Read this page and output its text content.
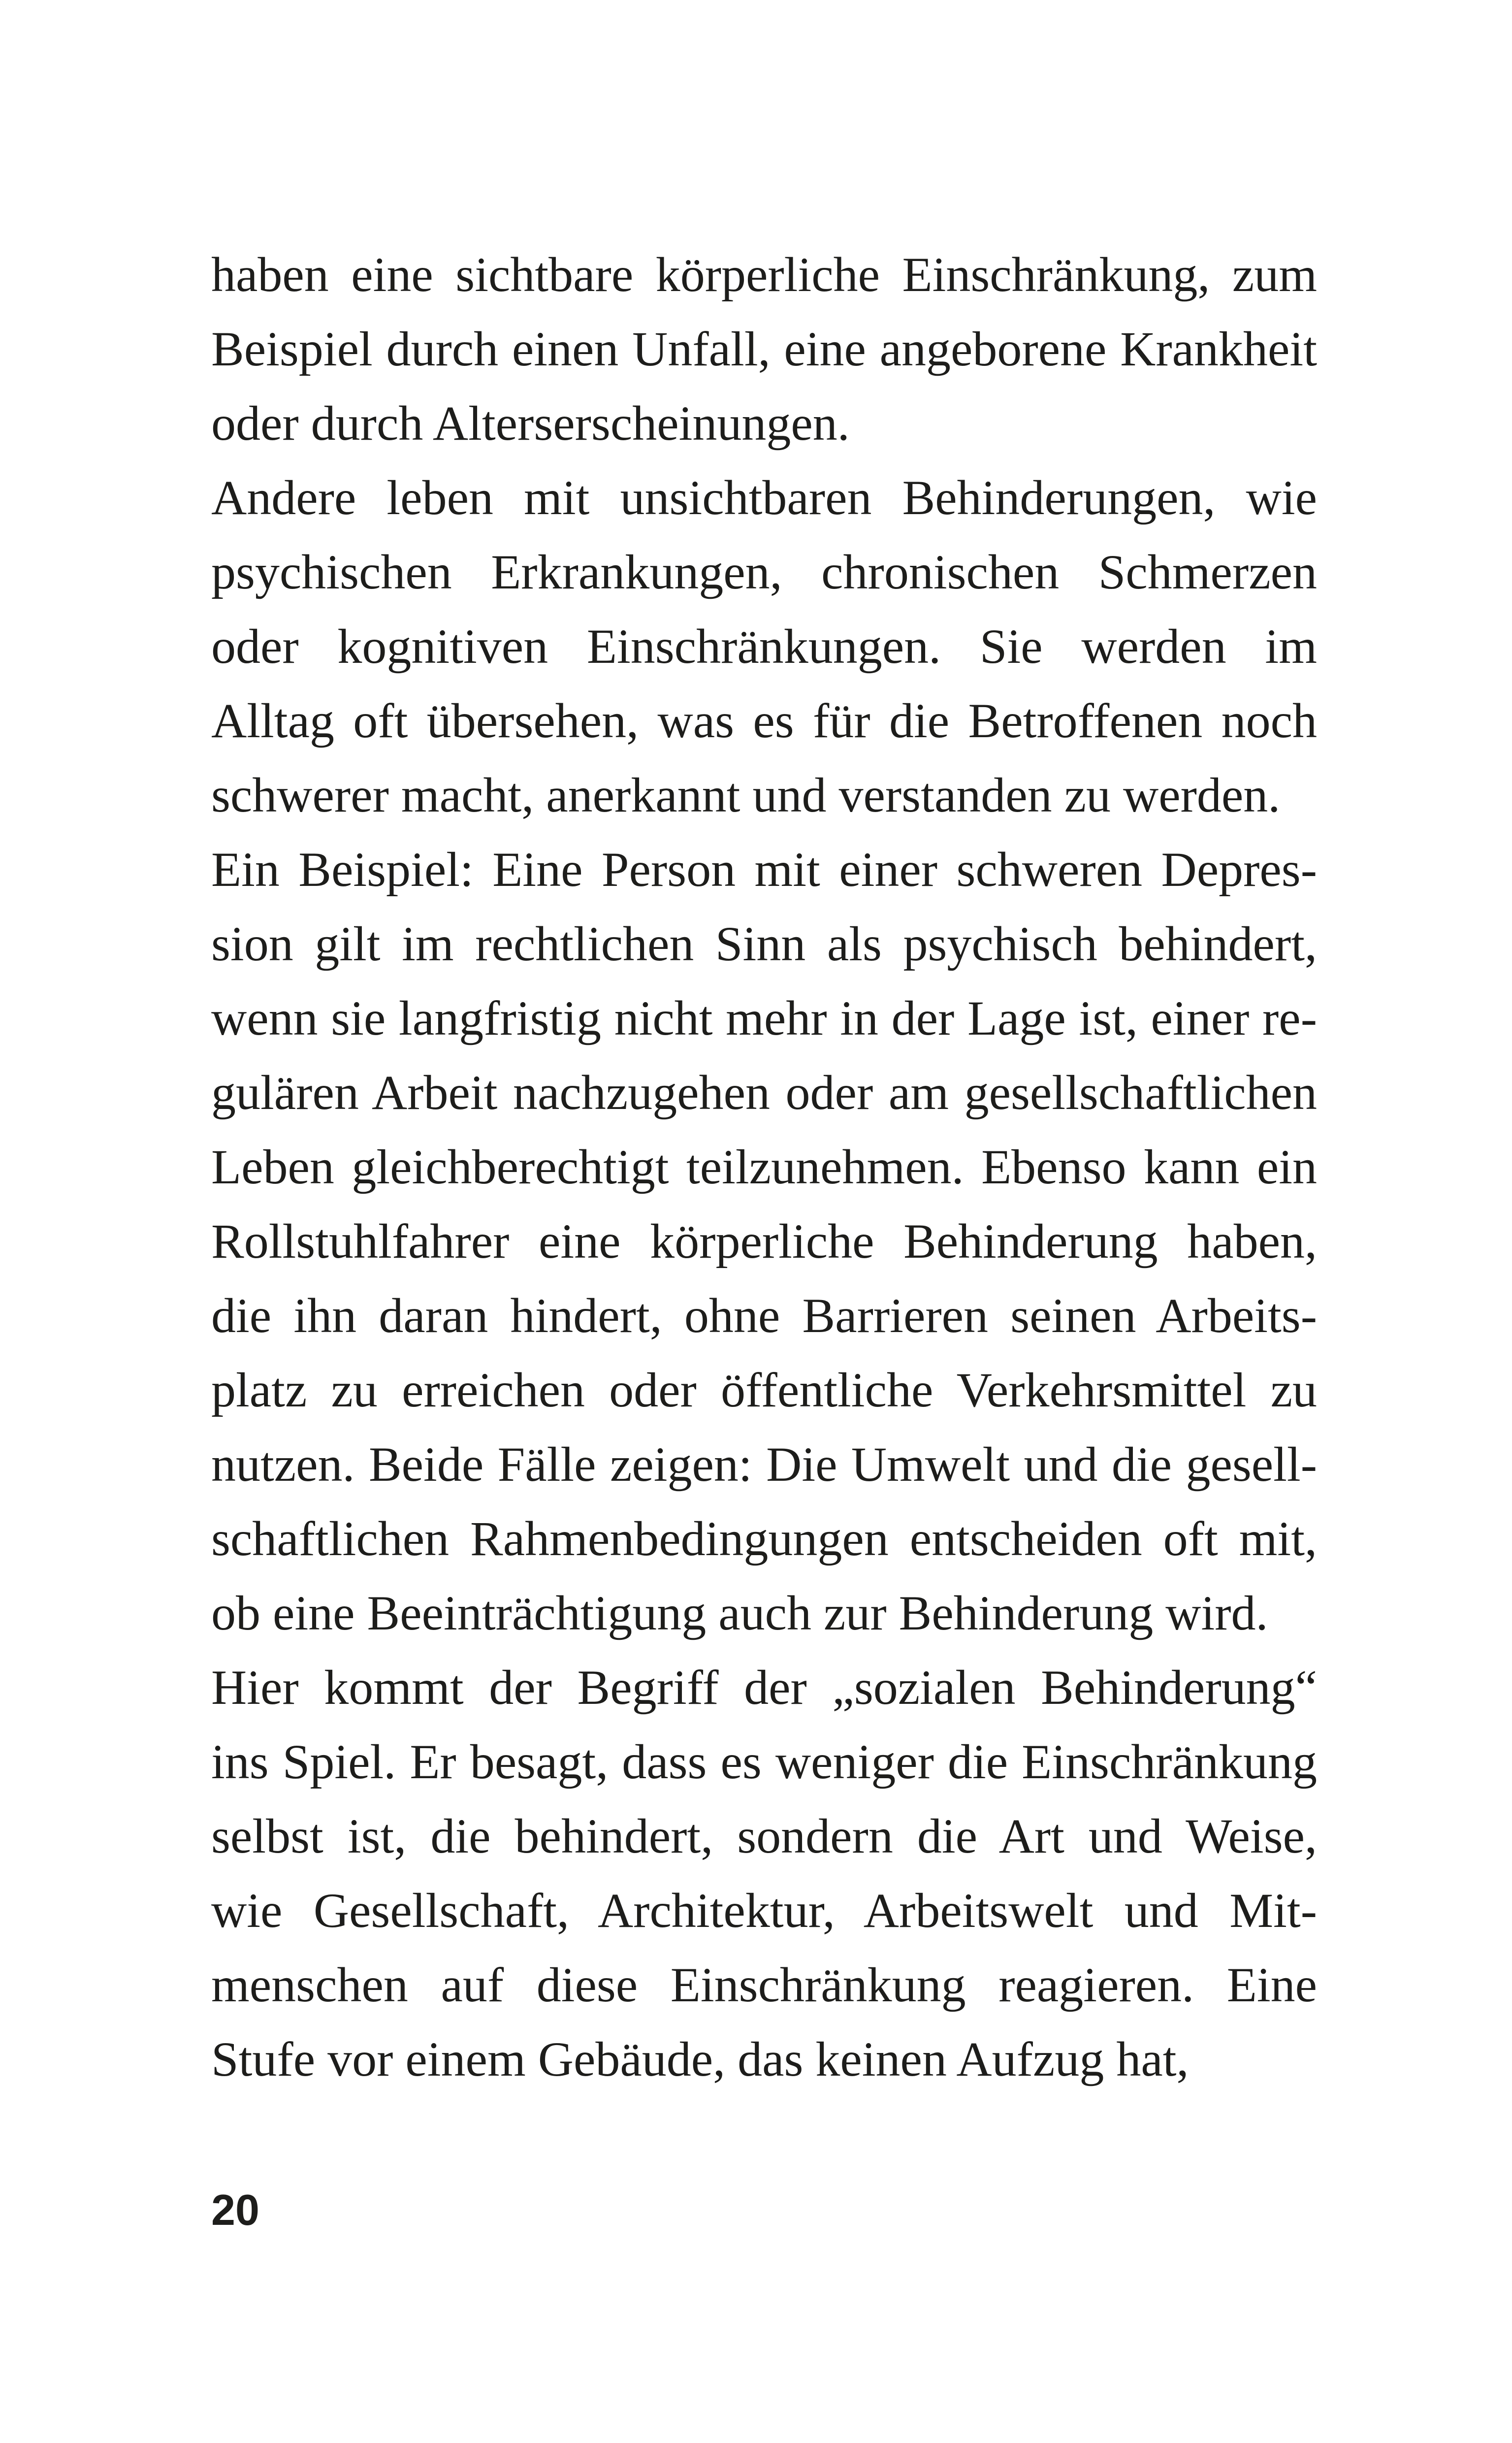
haben eine sichtbare körperliche Einschränkung, zum
Beispiel durch einen Unfall, eine angeborene Krankheit
oder durch Alterserscheinungen.
Andere leben mit unsichtbaren Behinderungen, wie
psychischen Erkrankungen, chronischen Schmerzen
oder kognitiven Einschränkungen. Sie werden im
Alltag oft übersehen, was es für die Betroffenen noch
schwerer macht, anerkannt und verstanden zu werden.
Ein Beispiel: Eine Person mit einer schweren Depres-
sion gilt im rechtlichen Sinn als psychisch behindert,
wenn sie langfristig nicht mehr in der Lage ist, einer re-
gulären Arbeit nachzugehen oder am gesellschaftlichen
Leben gleichberechtigt teilzunehmen. Ebenso kann ein
Rollstuhlfahrer eine körperliche Behinderung haben,
die ihn daran hindert, ohne Barrieren seinen Arbeits-
platz zu erreichen oder öffentliche Verkehrsmittel zu
nutzen. Beide Fälle zeigen: Die Umwelt und die gesell-
schaftlichen Rahmenbedingungen entscheiden oft mit,
ob eine Beeinträchtigung auch zur Behinderung wird.
Hier kommt der Begriff der „sozialen Behinderung“
ins Spiel. Er besagt, dass es weniger die Einschränkung
selbst ist, die behindert, sondern die Art und Weise,
wie Gesellschaft, Architektur, Arbeitswelt und Mit-
menschen auf diese Einschränkung reagieren. Eine
Stufe vor einem Gebäude, das keinen Aufzug hat,
20
